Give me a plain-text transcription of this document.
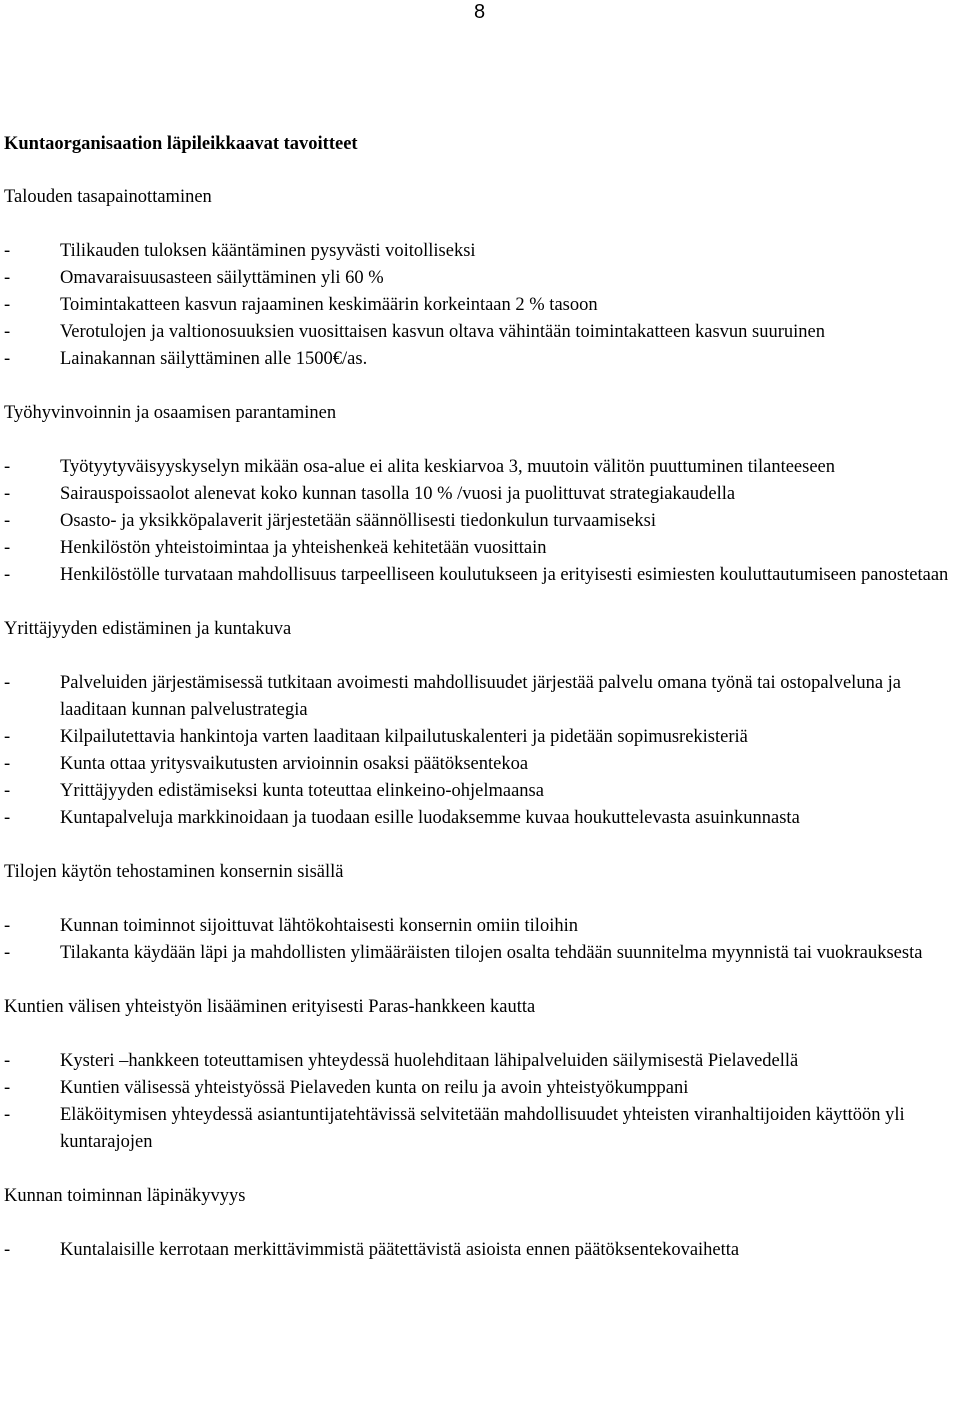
8
Kuntaorganisaation läpileikkaavat tavoitteet
Talouden tasapainottaminen
-	Tilikauden tuloksen kääntäminen pysyvästi voitolliseksi
-	Omavaraisuusasteen säilyttäminen yli 60 %
-	Toimintakatteen kasvun rajaaminen keskimäärin korkeintaan 2 % tasoon
-	Verotulojen ja valtionosuuksien vuosittaisen kasvun oltava vähintään toimintakatteen kasvun suuruinen
-	Lainakannan säilyttäminen alle 1500€/as.
Työhyvinvoinnin ja osaamisen parantaminen
-	Työtyytyväisyyskyselyn mikään osa-alue ei alita keskiarvoa 3, muutoin välitön puuttuminen tilanteeseen
-	Sairauspoissaolot alenevat koko kunnan tasolla 10 % /vuosi ja puolittuvat strategiakaudella
-	Osasto- ja yksikköpalaverit järjestetään säännöllisesti tiedonkulun turvaamiseksi
-	Henkilöstön yhteistoimintaa ja yhteishenkeä kehitetään vuosittain
-	Henkilöstölle turvataan mahdollisuus tarpeelliseen koulutukseen ja erityisesti esimiesten kouluttautumiseen panostetaan
Yrittäjyyden edistäminen ja kuntakuva
-	Palveluiden järjestämisessä tutkitaan avoimesti mahdollisuudet järjestää palvelu omana työnä tai ostopalveluna ja laaditaan kunnan palvelustrategia
-	Kilpailutettavia hankintoja varten laaditaan kilpailutuskalenteri ja pidetään sopimusrekisteriä
-	Kunta ottaa yritysvaikutusten arvioinnin osaksi päätöksentekoa
-	Yrittäjyyden edistämiseksi kunta toteuttaa elinkeino-ohjelmaansa
-	Kuntapalveluja markkinoidaan ja tuodaan esille luodaksemme kuvaa houkuttelevasta asuinkunnasta
Tilojen käytön tehostaminen konsernin sisällä
-	Kunnan toiminnot sijoittuvat lähtökohtaisesti konsernin omiin tiloihin
-	Tilakanta käydään läpi ja mahdollisten ylimääräisten tilojen osalta tehdään suunnitelma myynnistä tai vuokrauksesta
Kuntien välisen yhteistyön lisääminen erityisesti Paras-hankkeen kautta
-	Kysteri –hankkeen toteuttamisen yhteydessä huolehditaan lähipalveluiden säilymisestä Pielavedellä
-	Kuntien välisessä yhteistyössä Pielaveden kunta on reilu ja avoin yhteistyökumppani
-	Eläköitymisen yhteydessä asiantuntijatehtävissä selvitetään mahdollisuudet yhteisten viranhaltijoiden käyttöön yli kuntarajojen
Kunnan toiminnan läpinäkyvyys
-	Kuntalaisille kerrotaan merkittävimmistä päätettävistä asioista ennen päätöksentekovaihetta
